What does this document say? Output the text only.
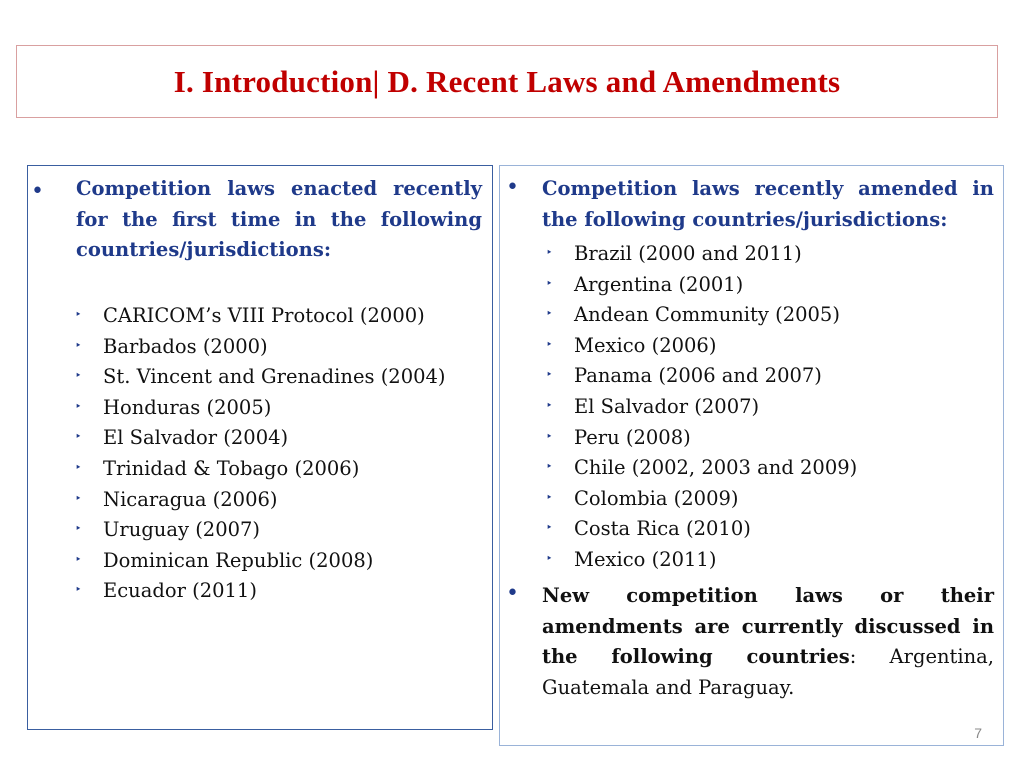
I. Introduction| D. Recent Laws and Amendments
• Competition laws enacted recently for the first time in the following countries/jurisdictions:

‣ CARICOM’s VIII Protocol (2000)
‣ Barbados (2000)
‣ St. Vincent and Grenadines (2004)
‣ Honduras (2005)
‣ El Salvador (2004)
‣ Trinidad & Tobago (2006)
‣ Nicaragua (2006)
‣ Uruguay (2007)
‣ Dominican Republic (2008)
‣ Ecuador (2011)
• Competition laws recently amended in the following countries/jurisdictions:

‣ Brazil (2000 and 2011)
‣ Argentina (2001)
‣ Andean Community (2005)
‣ Mexico (2006)
‣ Panama (2006 and 2007)
‣ El Salvador (2007)
‣ Peru (2008)
‣ Chile (2002, 2003 and 2009)
‣ Colombia (2009)
‣ Costa Rica (2010)
‣ Mexico (2011)
• New competition laws or their amendments are currently discussed in the following countries: Argentina, Guatemala and Paraguay.

7
